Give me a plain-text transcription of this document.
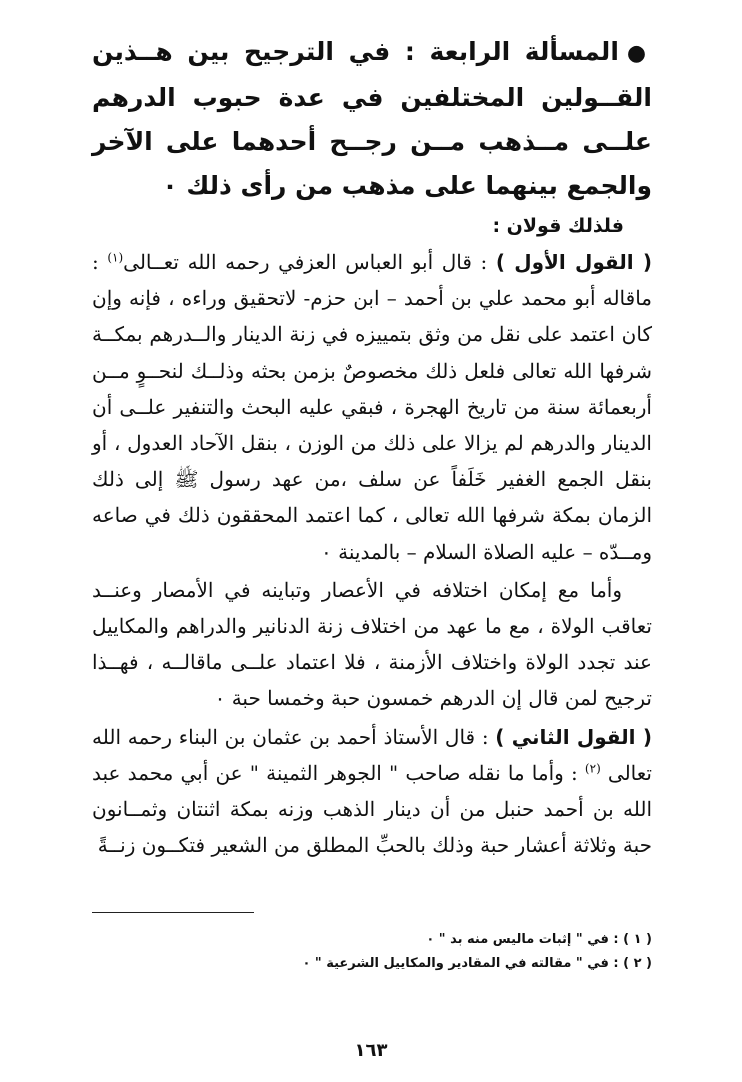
●المسألة الرابعة : في الترجيح بين هــذين القــولين المختلفين في عدة حبوب الدرهم علــى مــذهب مــن رجــح أحدهما على الآخر والجمع بينهما على مذهب من رأى ذلك ٠

فلذلك قولان :

( القول الأول ) : قال أبو العباس العزفي رحمه الله تعــالى$^{(١)}$ : ماقاله أبو محمد علي بن أحمد – ابن حزم- لاتحقيق وراءه ، فإنه وإن كان اعتمد على نقل من وثق بتمييزه في زنة الدينار والــدرهم بمكــة شرفها الله تعالى فلعل ذلك مخصوصٌ بزمن بحثه وذلــك لنحــوٍ مــن أربعمائة سنة من تاريخ الهجرة ، فبقي عليه البحث والتنفير علــى أن الدينار والدرهم لم يزالا على ذلك من الوزن ، بنقل الآحاد العدول ، أو بنقل الجمع الغفير خَلَفاً عن سلف ،من عهد رسول ﷺ إلى ذلك الزمان بمكة شرفها الله تعالى ، كما اعتمد المحققون ذلك في صاعه ومــدّه – عليه الصلاة السلام – بالمدينة ٠

وأما مع إمكان اختلافه في الأعصار وتباينه في الأمصار وعنــد تعاقب الولاة ، مع ما عهد من اختلاف زنة الدنانير والدراهم والمكاييل عند تجدد الولاة واختلاف الأزمنة ، فلا اعتماد علــى ماقالــه ، فهــذا ترجيح لمن قال إن الدرهم خمسون حبة وخمسا حبة ٠

( القول الثاني ) : قال الأستاذ أحمد بن عثمان بن البناء رحمه الله تعالى $^{(٢)}$ : وأما ما نقله صاحب " الجوهر الثمينة " عن أبي محمد عبد الله بن أحمد حنبل من أن دينار الذهب وزنه بمكة اثنتان وثمــانون حبة وثلاثة أعشار حبة وذلك بالحبِّ المطلق من الشعير فتكــون زنــةً

( ١ ) : في " إثبات ماليس منه بد " ٠

( ٢ ) : في " مقالته في المقادير والمكاييل الشرعية " ٠

١٦٣
